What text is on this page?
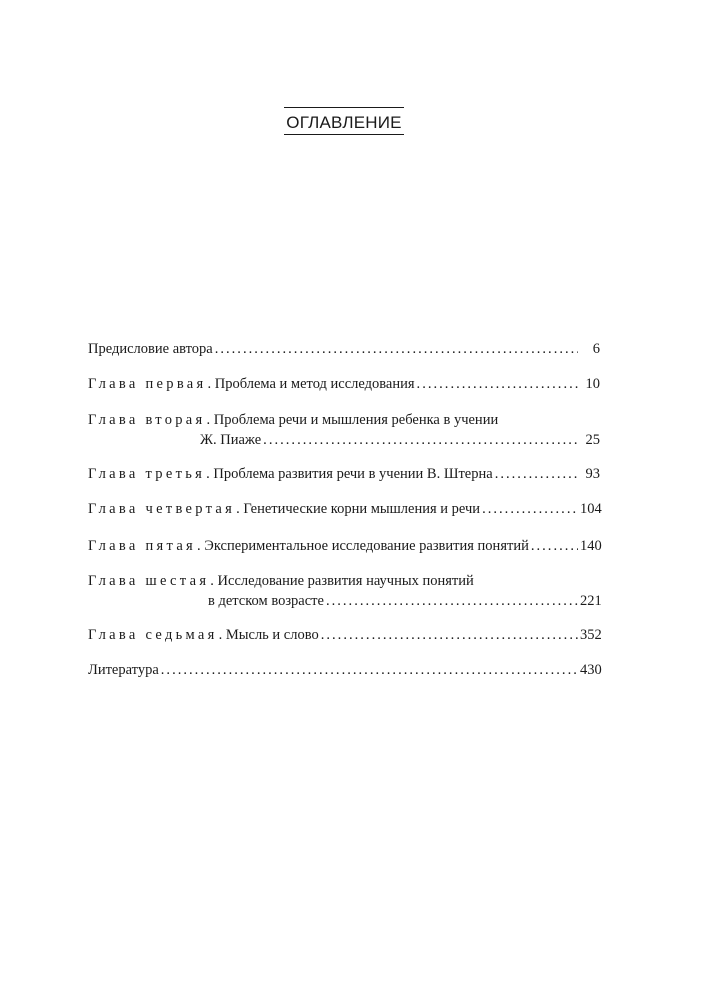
ОГЛАВЛЕНИЕ
Предисловие автора . . .	6
Глава первая . Проблема и метод исследования . . .	10
Глава вторая . Проблема речи и мышления ребенка в учении
Ж. Пиаже . . .	25
Глава третья . Проблема развития речи в учении В. Штерна . . .	93
Глава четвертая . Генетические корни мышления и речи . . .	104
Глава пятая . Экспериментальное исследование развития понятий . . .	140
Глава шестая . Исследование развития научных понятий
в детском возрасте . . .	221
Глава седьмая . Мысль и слово . . .	352
Литература . . .	430
